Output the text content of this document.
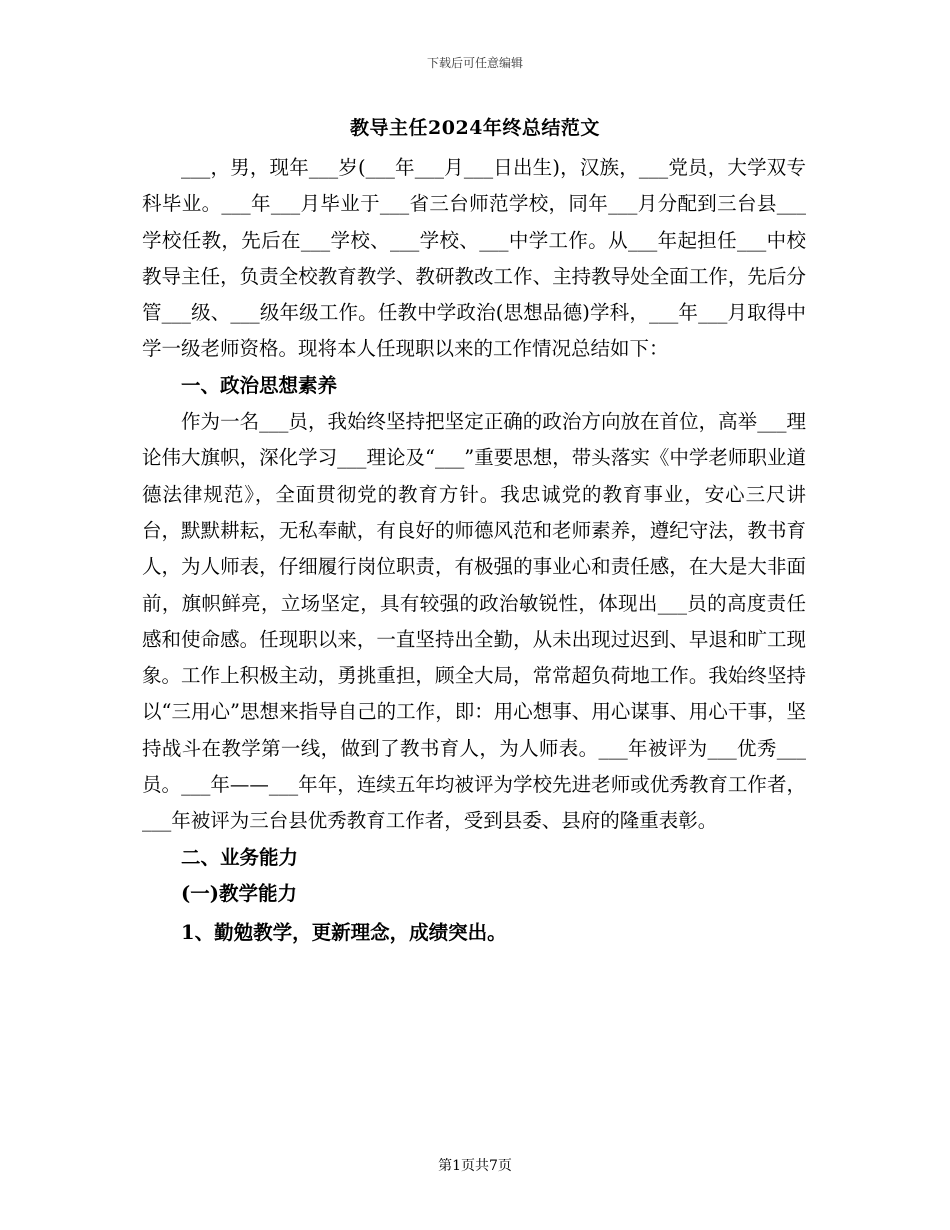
下载后可任意编辑
教导主任2024年终总结范文

___，男，现年___岁(___年___月___日出生)，汉族，___党员，大学双专科毕业。___年___月毕业于___省三台师范学校，同年___月分配到三台县___学校任教，先后在___学校、___学校、___中学工作。从___年起担任___中校教导主任，负责全校教育教学、教研教改工作、主持教导处全面工作，先后分管___级、___级年级工作。任教中学政治(思想品德)学科，___年___月取得中学一级老师资格。现将本人任现职以来的工作情况总结如下：

一、政治思想素养

作为一名___员，我始终坚持把坚定正确的政治方向放在首位，高举___理论伟大旗帜，深化学习___理论及“___”重要思想，带头落实《中学老师职业道德法律规范》，全面贯彻党的教育方针。我忠诚党的教育事业，安心三尺讲台，默默耕耘，无私奉献，有良好的师德风范和老师素养，遵纪守法，教书育人，为人师表，仔细履行岗位职责，有极强的事业心和责任感，在大是大非面前，旗帜鲜亮，立场坚定，具有较强的政治敏锐性，体现出___员的高度责任感和使命感。任现职以来，一直坚持出全勤，从未出现过迟到、早退和旷工现象。工作上积极主动，勇挑重担，顾全大局，常常超负荷地工作。我始终坚持以“三用心”思想来指导自己的工作，即：用心想事、用心谋事、用心干事，坚持战斗在教学第一线，做到了教书育人，为人师表。___年被评为___优秀___员。___年——___年年，连续五年均被评为学校先进老师或优秀教育工作者，___年被评为三台县优秀教育工作者，受到县委、县府的隆重表彰。

二、业务能力

(一)教学能力

1、勤勉教学，更新理念，成绩突出。

第1页共7页
